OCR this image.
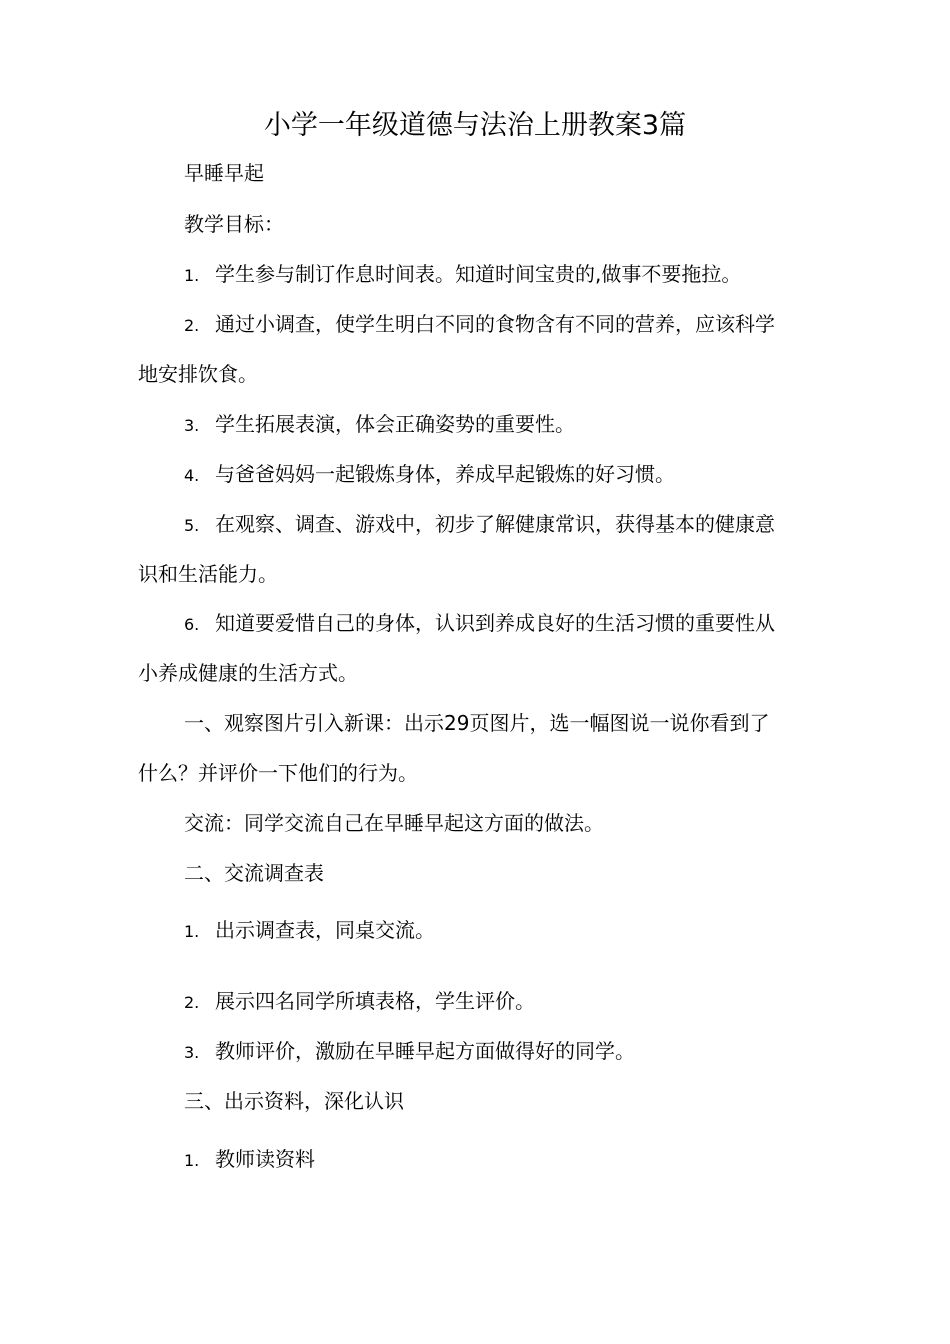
小学一年级道德与法治上册教案3篇
早睡早起
教学目标：
1. 学生参与制订作息时间表。知道时间宝贵的,做事不要拖拉。
2. 通过小调查，使学生明白不同的食物含有不同的营养，应该科学
地安排饮食。
3. 学生拓展表演，体会正确姿势的重要性。
4. 与爸爸妈妈一起锻炼身体，养成早起锻炼的好习惯。
5. 在观察、调查、游戏中，初步了解健康常识，获得基本的健康意
识和生活能力。
6. 知道要爱惜自己的身体，认识到养成良好的生活习惯的重要性从
小养成健康的生活方式。
一、观察图片引入新课：出示29页图片，选一幅图说一说你看到了
什么？并评价一下他们的行为。
交流：同学交流自己在早睡早起这方面的做法。
二、交流调查表
1. 出示调查表，同桌交流。
2. 展示四名同学所填表格，学生评价。
3. 教师评价，激励在早睡早起方面做得好的同学。
三、出示资料，深化认识
1. 教师读资料
